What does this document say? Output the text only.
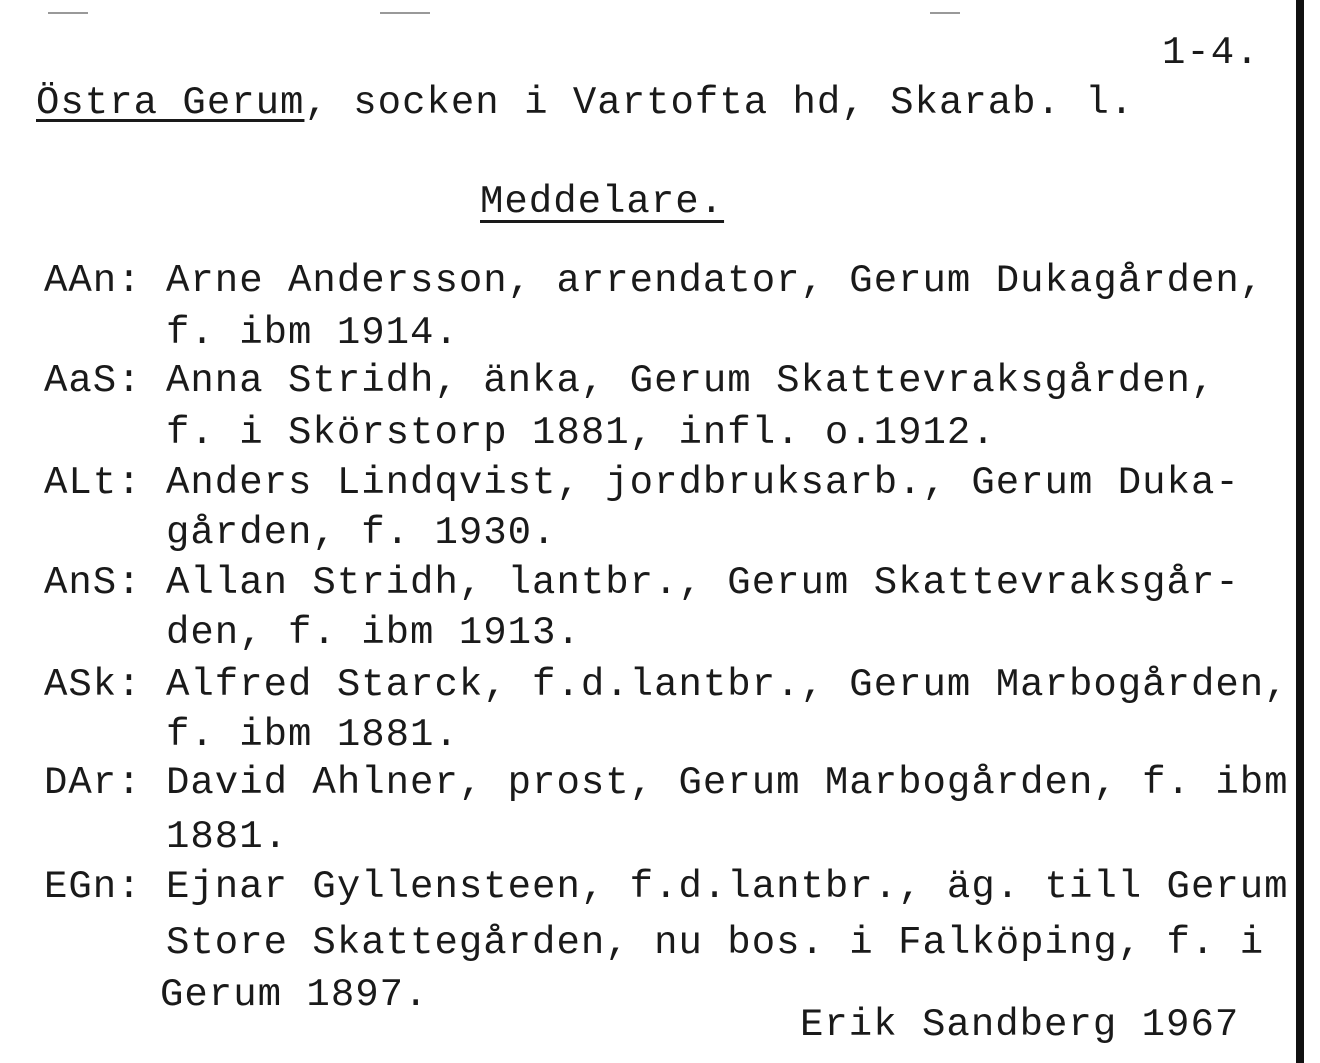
1-4.
Östra Gerum, socken i Vartofta hd, Skarab. l.
Meddelare.
AAn: Arne Andersson, arrendator, Gerum Dukagården,
f. ibm 1914.
AaS: Anna Stridh, änka, Gerum Skattevraksgården,
f. i Skörstorp 1881, infl. o.1912.
ALt: Anders Lindqvist, jordbruksarb., Gerum Duka-
gården, f. 1930.
AnS: Allan Stridh, lantbr., Gerum Skattevraksgår-
den, f. ibm 1913.
ASk: Alfred Starck, f.d.lantbr., Gerum Marbogården,
f. ibm 1881.
DAr: David Ahlner, prost, Gerum Marbogården, f. ibm
1881.
EGn: Ejnar Gyllensteen, f.d.lantbr., äg. till Gerum
Store Skattegården, nu bos. i Falköping, f. i
Gerum 1897.
Erik Sandberg 1967
